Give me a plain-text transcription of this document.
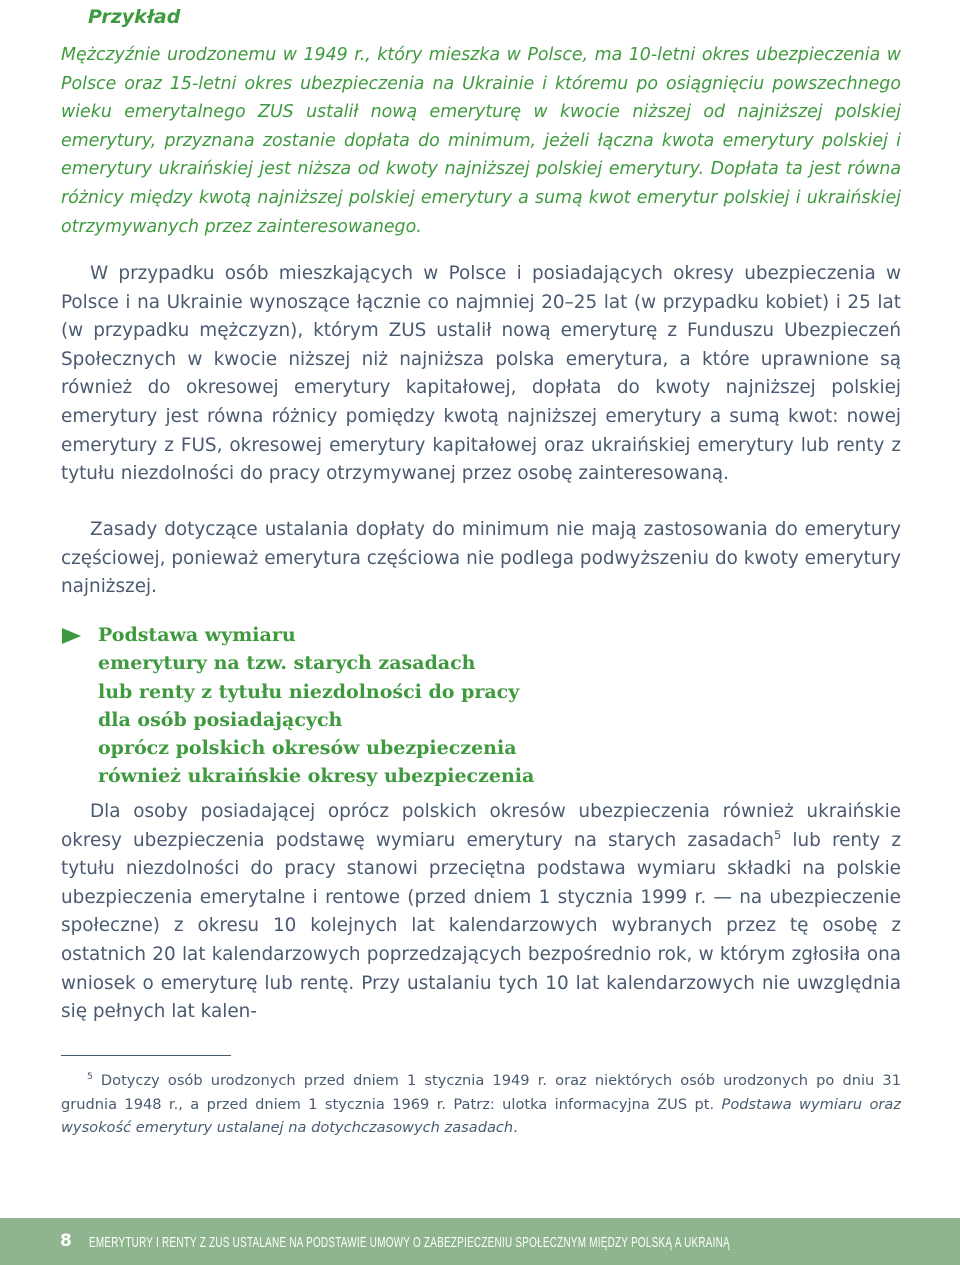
Przykład

Mężczyźnie urodzonemu w 1949 r., który mieszka w Polsce, ma 10-letni okres ubezpieczenia w Polsce oraz 15-letni okres ubezpieczenia na Ukrainie i któremu po osiągnięciu powszechnego wieku emerytalnego ZUS ustalił nową emeryturę w kwocie niższej od najniższej polskiej emerytury, przyznana zostanie dopłata do minimum, jeżeli łączna kwota emerytury polskiej i emerytury ukraińskiej jest niższa od kwoty najniższej polskiej emerytury. Dopłata ta jest równa różnicy między kwotą najniższej polskiej emerytury a sumą kwot emerytur polskiej i ukraińskiej otrzymywanych przez zainteresowanego.

W przypadku osób mieszkających w Polsce i posiadających okresy ubezpieczenia w Polsce i na Ukrainie wynoszące łącznie co najmniej 20–25 lat (w przypadku kobiet) i 25 lat (w przypadku mężczyzn), którym ZUS ustalił nową emeryturę z Funduszu Ubezpieczeń Społecznych w kwocie niższej niż najniższa polska emerytura, a które uprawnione są również do okresowej emerytury kapitałowej, dopłata do kwoty najniższej polskiej emerytury jest równa różnicy pomiędzy kwotą najniższej emerytury a sumą kwot: nowej emerytury z FUS, okresowej emerytury kapitałowej oraz ukraińskiej emerytury lub renty z tytułu niezdolności do pracy otrzymywanej przez osobę zainteresowaną.

Zasady dotyczące ustalania dopłaty do minimum nie mają zastosowania do emerytury częściowej, ponieważ emerytura częściowa nie podlega podwyższeniu do kwoty emerytury najniższej.

Podstawa wymiaru
emerytury na tzw. starych zasadach
lub renty z tytułu niezdolności do pracy
dla osób posiadających
oprócz polskich okresów ubezpieczenia
również ukraińskie okresy ubezpieczenia

Dla osoby posiadającej oprócz polskich okresów ubezpieczenia również ukraińskie okresy ubezpieczenia podstawę wymiaru emerytury na starych zasadach$^5$ lub renty z tytułu niezdolności do pracy stanowi przeciętna podstawa wymiaru składki na polskie ubezpieczenia emerytalne i rentowe (przed dniem 1 stycznia 1999 r. — na ubezpieczenie społeczne) z okresu 10 kolejnych lat kalendarzowych wybranych przez tę osobę z ostatnich 20 lat kalendarzowych poprzedzających bezpośrednio rok, w którym zgłosiła ona wniosek o emeryturę lub rentę. Przy ustalaniu tych 10 lat kalendarzowych nie uwzględnia się pełnych lat kalen-

$^5$ Dotyczy osób urodzonych przed dniem 1 stycznia 1949 r. oraz niektórych osób urodzonych po dniu 31 grudnia 1948 r., a przed dniem 1 stycznia 1969 r. Patrz: ulotka informacyjna ZUS pt. Podstawa wymiaru oraz wysokość emerytury ustalanej na dotychczasowych zasadach.

8 EMERYTURY I RENTY Z ZUS USTALANE NA PODSTAWIE UMOWY O ZABEZPIECZENIU SPOŁECZNYM MIĘDZY POLSKĄ A UKRAINĄ
